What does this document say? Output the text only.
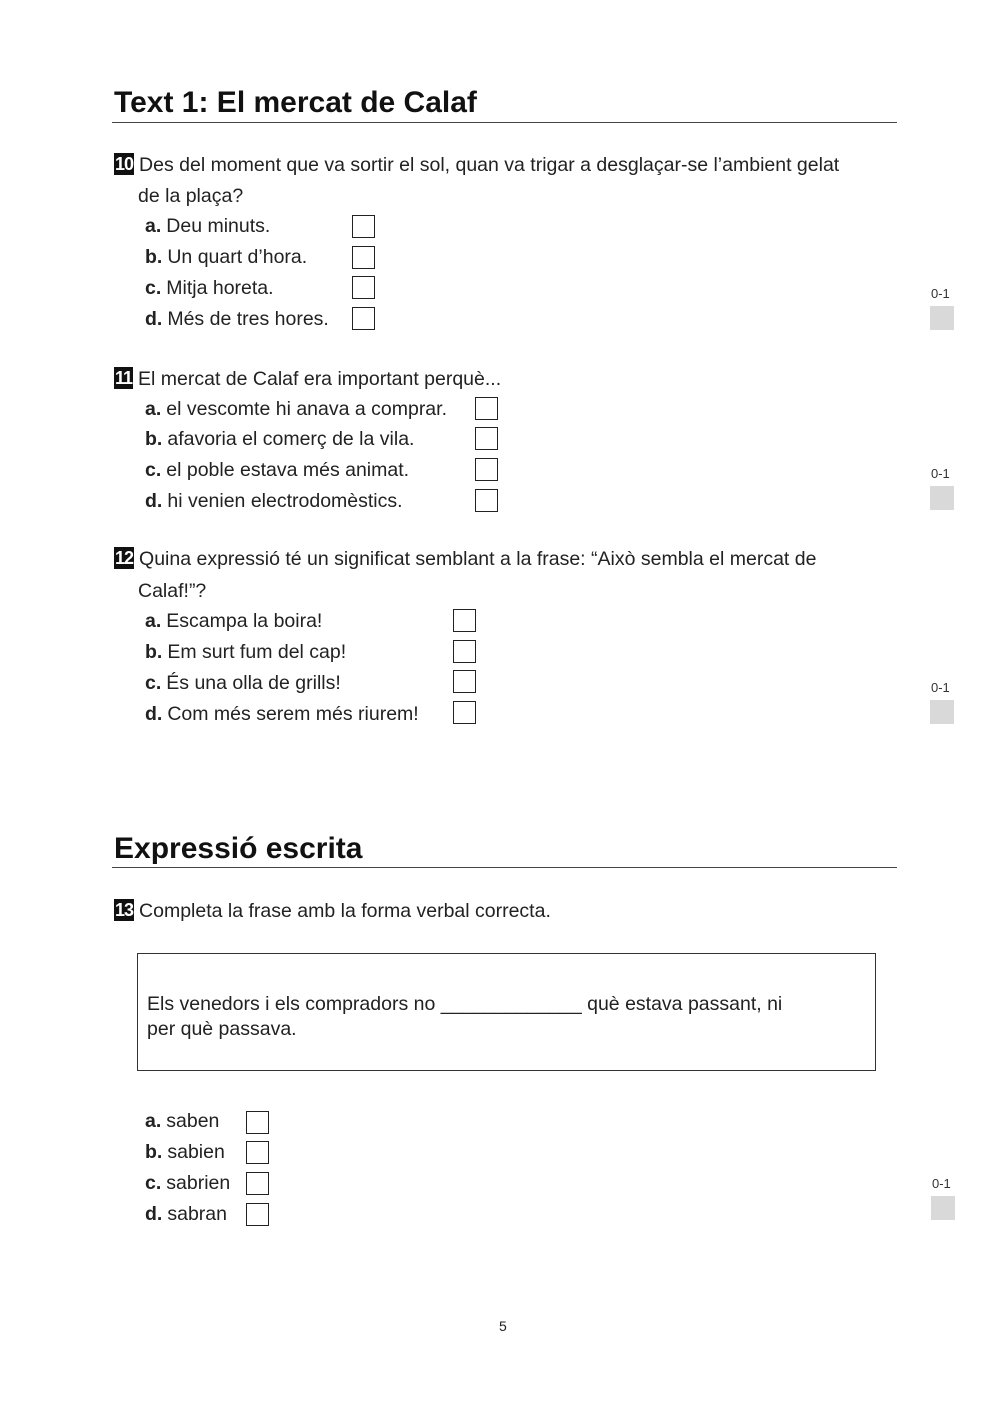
Text 1: El mercat de Calaf
10 Des del moment que va sortir el sol, quan va trigar a desglaçar-se l’ambient gelat
de la plaça?
a. Deu minuts.
b. Un quart d’hora.
c. Mitja horeta.
d. Més de tres hores.
0-1
11 El mercat de Calaf era important perquè...
a. el vescomte hi anava a comprar.
b. afavoria el comerç de la vila.
c. el poble estava més animat.
d. hi venien electrodomèstics.
0-1
12 Quina expressió té un significat semblant a la frase: “Això sembla el mercat de
Calaf!”?
a. Escampa la boira!
b. Em surt fum del cap!
c. És una olla de grills!
d. Com més serem més riurem!
0-1
Expressió escrita
13 Completa la frase amb la forma verbal correcta.
Els venedors i els compradors no _____________ què estava passant, ni
per què passava.
a. saben
b. sabien
c. sabrien
d. sabran
0-1
5
